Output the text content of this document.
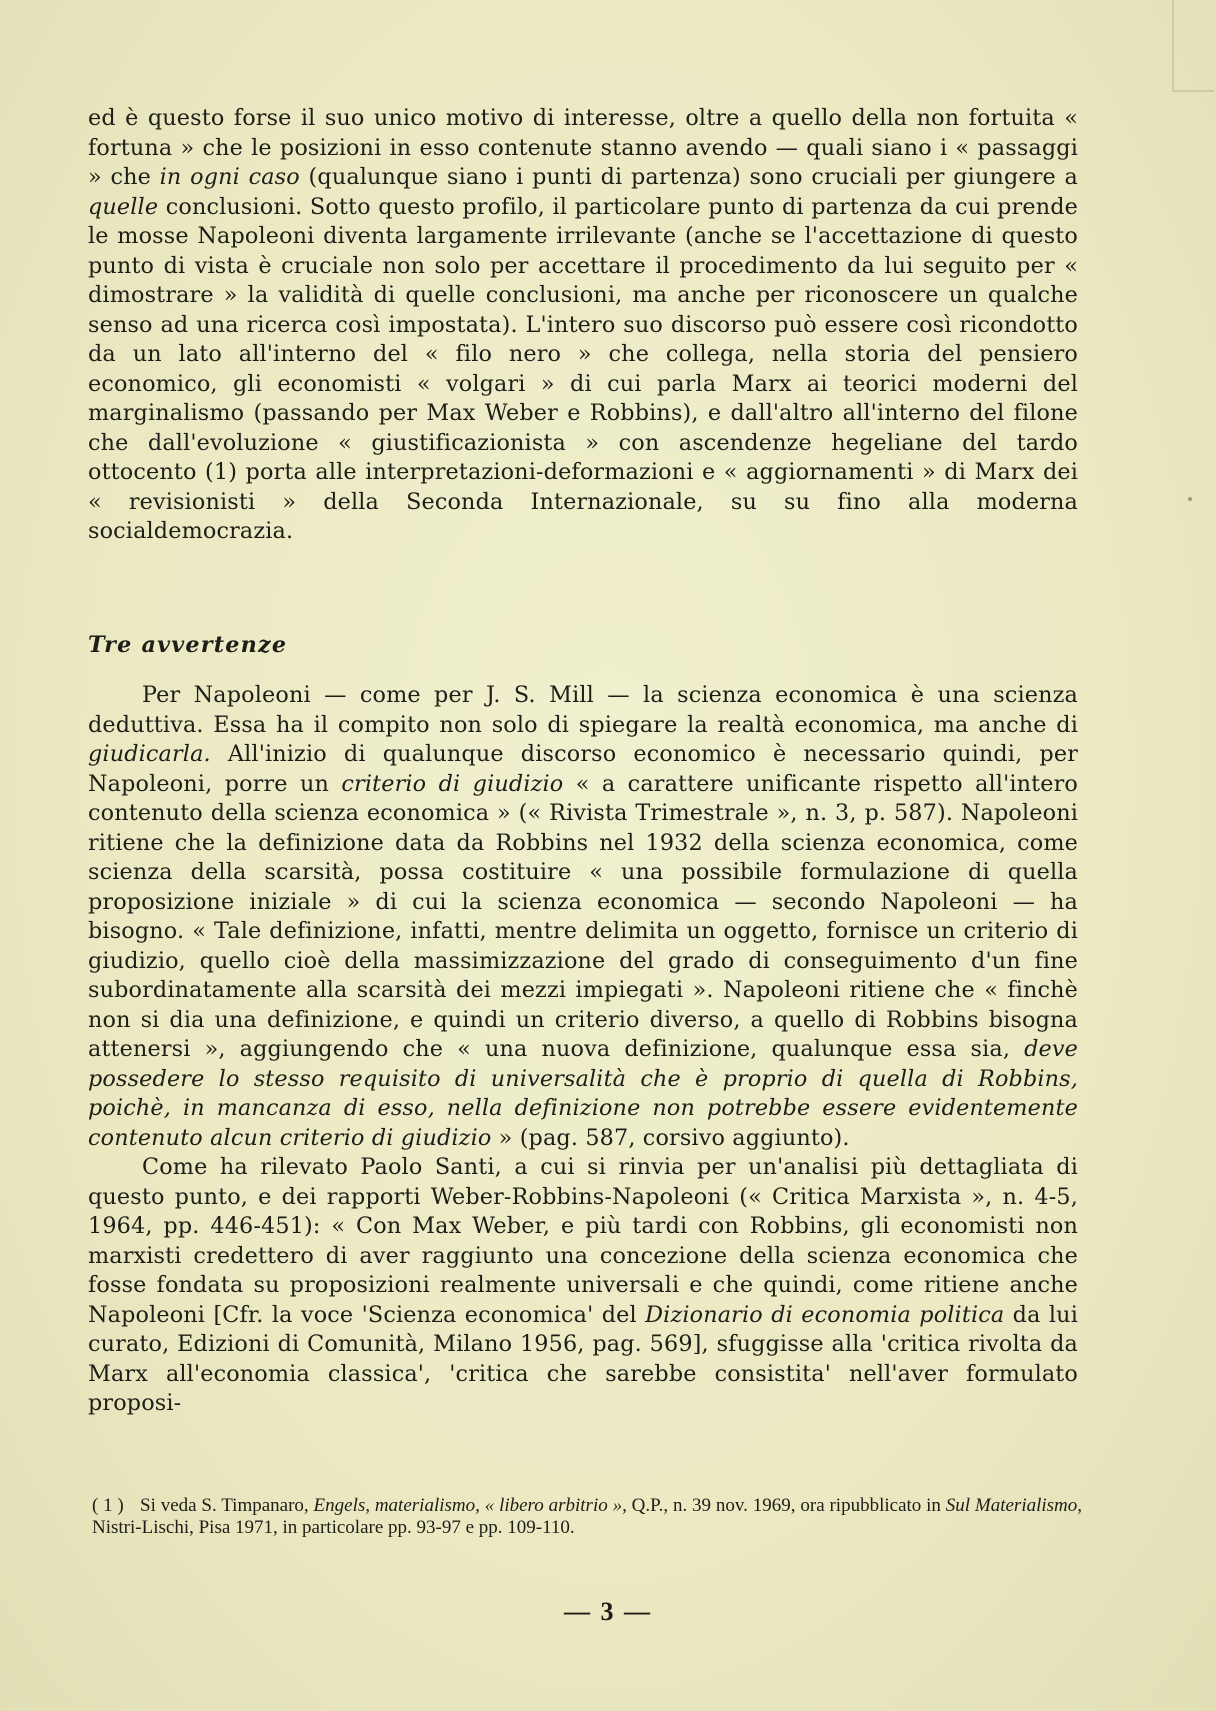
ed è questo forse il suo unico motivo di interesse, oltre a quello della non fortuita « fortuna » che le posizioni in esso contenute stanno avendo — quali siano i « passaggi » che in ogni caso (qualunque siano i punti di partenza) sono cruciali per giungere a quelle conclusioni. Sotto questo profilo, il particolare punto di partenza da cui prende le mosse Napoleoni diventa largamente irrilevante (anche se l'accettazione di questo punto di vista è cruciale non solo per accettare il procedimento da lui seguito per « dimostrare » la validità di quelle conclusioni, ma anche per riconoscere un qualche senso ad una ricerca così impostata). L'intero suo discorso può essere così ricondotto da un lato all'interno del « filo nero » che collega, nella storia del pensiero economico, gli economisti « volgari » di cui parla Marx ai teorici moderni del marginalismo (passando per Max Weber e Robbins), e dall'altro all'interno del filone che dall'evoluzione « giustificazionista » con ascendenze hegeliane del tardo ottocento (1) porta alle interpretazioni-deformazioni e « aggiornamenti » di Marx dei « revisionisti » della Seconda Internazionale, su su fino alla moderna socialdemocrazia.

Tre avvertenze

Per Napoleoni — come per J. S. Mill — la scienza economica è una scienza deduttiva. Essa ha il compito non solo di spiegare la realtà economica, ma anche di giudicarla. All'inizio di qualunque discorso economico è necessario quindi, per Napoleoni, porre un criterio di giudizio « a carattere unificante rispetto all'intero contenuto della scienza economica » (« Rivista Trimestrale », n. 3, p. 587). Napoleoni ritiene che la definizione data da Robbins nel 1932 della scienza economica, come scienza della scarsità, possa costituire « una possibile formulazione di quella proposizione iniziale » di cui la scienza economica — secondo Napoleoni — ha bisogno. « Tale definizione, infatti, mentre delimita un oggetto, fornisce un criterio di giudizio, quello cioè della massimizzazione del grado di conseguimento d'un fine subordinatamente alla scarsità dei mezzi impiegati ». Napoleoni ritiene che « finchè non si dia una definizione, e quindi un criterio diverso, a quello di Robbins bisogna attenersi », aggiungendo che « una nuova definizione, qualunque essa sia, deve possedere lo stesso requisito di universalità che è proprio di quella di Robbins, poichè, in mancanza di esso, nella definizione non potrebbe essere evidentemente contenuto alcun criterio di giudizio » (pag. 587, corsivo aggiunto).

Come ha rilevato Paolo Santi, a cui si rinvia per un'analisi più dettagliata di questo punto, e dei rapporti Weber-Robbins-Napoleoni (« Critica Marxista », n. 4-5, 1964, pp. 446-451): « Con Max Weber, e più tardi con Robbins, gli economisti non marxisti credettero di aver raggiunto una concezione della scienza economica che fosse fondata su proposizioni realmente universali e che quindi, come ritiene anche Napoleoni [Cfr. la voce 'Scienza economica' del Dizionario di economia politica da lui curato, Edizioni di Comunità, Milano 1956, pag. 569], sfuggisse alla 'critica rivolta da Marx all'economia classica', 'critica che sarebbe consistita' nell'aver formulato proposi-

( 1 ) Si veda S. Timpanaro, Engels, materialismo, « libero arbitrio », Q.P., n. 39 nov. 1969, ora ripubblicato in Sul Materialismo, Nistri-Lischi, Pisa 1971, in particolare pp. 93-97 e pp. 109-110.
— 3 —
